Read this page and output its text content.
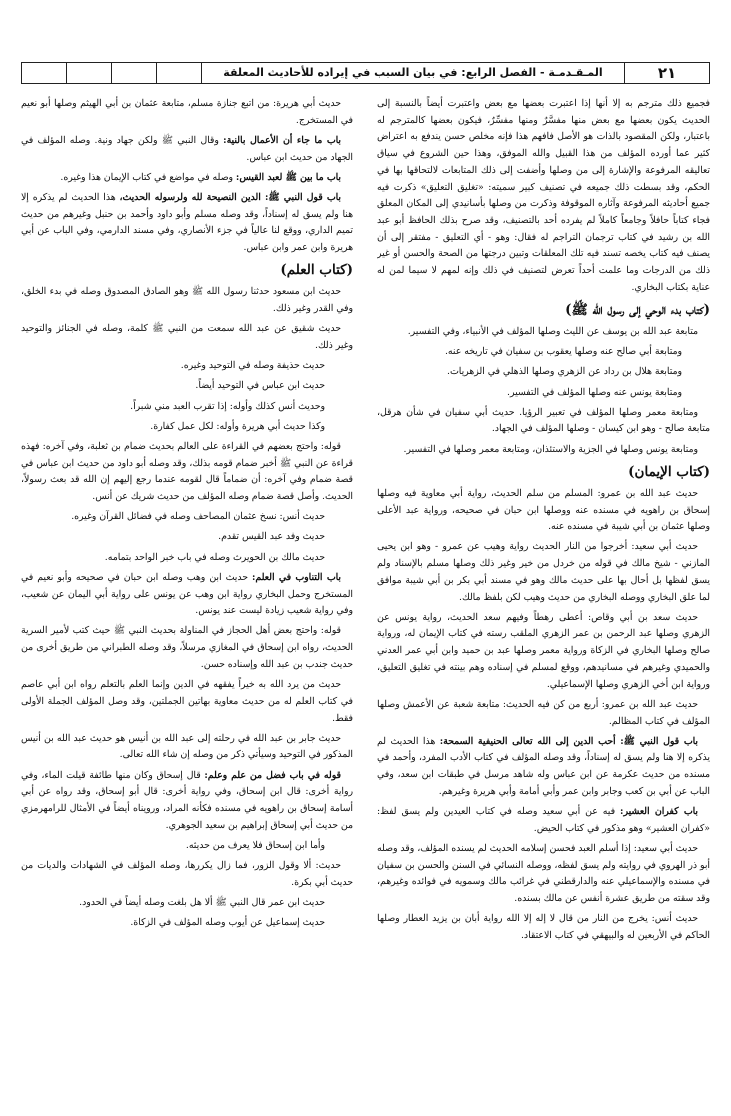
٢١
المـقـدمـة - الفصل الرابع: في بيان السبب في إيراده للأحاديث المعلقة

فجميع ذلك مترجم به إلا أنها إذا اعتبرت بعضها مع بعض واعتبرت أيضاً بالنسبة إلى الحديث يكون بعضها مع بعض منها مفسَّرٌ ومنها مفسِّرٌ، فيكون بعضها كالمترجم له باعتبار، ولكن المقصود بالذات هو الأصل فافهم هذا فإنه مخلص حسن يندفع به اعتراض كثير عما أورده المؤلف من هذا القبيل والله الموفق، وهذا حين الشروع في سياق تعاليقه المرفوعة والإشارة إلى من وصلها وأضفت إلى ذلك المتابعات لالتحاقها بها في الحكم، وقد بسطت ذلك جميعه في تصنيف كبير سميته: «تغليق التعليق» ذكرت فيه جميع أحاديثه المرفوعة وآثاره الموقوفة وذكرت من وصلها بأسانيدي إلى المكان المعلق فجاء كتاباً حافلاً وجامعاً كاملاً لم يفرده أحد بالتصنيف، وقد صرح بذلك الحافظ أبو عبد الله بن رشيد في كتاب ترجمان التراجم له فقال: وهو - أي التعليق - مفتقر إلى أن يصنف فيه كتاب يخصه تسند فيه تلك المعلقات وتبين درجتها من الصحة والحسن أو غير ذلك من الدرجات وما علمت أحداً تعرض لتصنيف في ذلك وإنه لمهم لا سيما لمن له عناية بكتاب البخاري.

(كتاب بدء الوحي إلى رسول الله ﷺ)

متابعة عبد الله بن يوسف عن الليث وصلها المؤلف في الأنبياء، وفي التفسير.

ومتابعة أبي صالح عنه وصلها يعقوب بن سفيان في تاريخه عنه.

ومتابعة هلال بن رداد عن الزهري وصلها الذهلي في الزهريات.

ومتابعة يونس عنه وصلها المؤلف في التفسير.

ومتابعة معمر وصلها المؤلف في تعبير الرؤيا. حديث أبي سفيان في شأن هرقل، متابعة صالح - وهو ابن كيسان - وصلها المؤلف في الجهاد.

ومتابعة يونس وصلها في الجزية والاستئذان، ومتابعة معمر وصلها في التفسير.

(كتاب الإيمان)

حديث عبد الله بن عمرو: المسلم من سلم الحديث، رواية أبي معاوية فيه وصلها إسحاق بن راهويه في مسنده عنه ووصلها ابن حبان في صحيحه، ورواية عبد الأعلى وصلها عثمان بن أبي شيبة في مسنده عنه.

حديث أبي سعيد: أخرجوا من النار الحديث رواية وهيب عن عمرو - وهو ابن يحيى المازني - شيخ مالك في قوله من خردل من خير وغير ذلك وصلها مسلم بالإسناد ولم يسق لفظها بل أحال بها على حديث مالك وهو في مسند أبي بكر بن أبي شيبة موافق لما علق البخاري ووصله البخاري من حديث وهيب لكن بلفظ مالك.

حديث سعد بن أبي وقاص: أعطى رهطاً وفيهم سعد الحديث، رواية يونس عن الزهري وصلها عبد الرحمن بن عمر الزهري الملقب رسته في كتاب الإيمان له، ورواية صالح وصلها البخاري في الزكاة ورواية معمر وصلها عبد بن حميد وابن أبي عمر العدني والحميدي وغيرهم في مسانيدهم، ووقع لمسلم في إسناده وهم بينته في تغليق التعليق، ورواية ابن أخي الزهري وصلها الإسماعيلي.

حديث عبد الله بن عمرو: أربع من كن فيه الحديث: متابعة شعبة عن الأعمش وصلها المؤلف في كتاب المظالم.

باب قول النبي ﷺ: أحب الدين إلى الله تعالى الحنيفية السمحة: هذا الحديث لم يذكره إلا هنا ولم يسق له إسناداً، وقد وصله المؤلف في كتاب الأدب المفرد، وأحمد في مسنده من حديث عكرمة عن ابن عباس وله شاهد مرسل في طبقات ابن سعد، وفي الباب عن أبي بن كعب وجابر وابن عمر وأبي أمامة وأبي هريرة وغيرهم.

باب كفران العشير: فيه عن أبي سعيد وصله في كتاب العيدين ولم يسق لفظ: «كفران العشير» وهو مذكور في كتاب الحيض.

حديث أبي سعيد: إذا أسلم العبد فحسن إسلامه الحديث لم يسنده المؤلف، وقد وصله أبو ذر الهروي في روايته ولم يسق لفظه، ووصله النسائي في السنن والحسن بن سفيان في مسنده والإسماعيلي عنه والدارقطني في غرائب مالك وسمويه في فوائده وغيرهم، وقد سقته من طريق عشرة أنفس عن مالك بسنده.

حديث أنس: يخرج من النار من قال لا إله إلا الله رواية أبان بن يزيد العطار وصلها الحاكم في الأربعين له والبيهقي في كتاب الاعتقاد.

حديث أبي هريرة: من اتبع جنازة مسلم، متابعة عثمان بن أبي الهيثم وصلها أبو نعيم في المستخرج.

باب ما جاء أن الأعمال بالنية: وقال النبي ﷺ ولكن جهاد ونية. وصله المؤلف في الجهاد من حديث ابن عباس.

باب ما بين ﷺ لعبد القيس: وصله في مواضع في كتاب الإيمان هذا وغيره.

باب قول النبي ﷺ: الدين النصيحة لله ولرسوله الحديث، هذا الحديث لم يذكره إلا هنا ولم يسق له إسناداً، وقد وصله مسلم وأبو داود وأحمد بن حنبل وغيرهم من حديث تميم الداري، ووقع لنا عالياً في جزء الأنصاري، وفي مسند الدارمي، وفي الباب عن أبي هريرة وابن عمر وابن عباس.

(كتاب العلم)

حديث ابن مسعود حدثنا رسول الله ﷺ وهو الصادق المصدوق وصله في بدء الخلق، وفي القدر وغير ذلك.

حديث شقيق عن عبد الله سمعت من النبي ﷺ كلمة، وصله في الجنائز والتوحيد وغير ذلك.

حديث حذيفة وصله في التوحيد وغيره.

حديث ابن عباس في التوحيد أيضاً.

وحديث أنس كذلك وأوله: إذا تقرب العبد مني شبراً.

وكذا حديث أبي هريرة وأوله: لكل عمل كفارة.

قوله: واحتج بعضهم في القراءة على العالم بحديث ضمام بن ثعلبة، وفي آخره: فهذه قراءة عن النبي ﷺ أخبر ضمام قومه بذلك، وقد وصله أبو داود من حديث ابن عباس في قصة ضمام وفي آخره: أن ضماماً قال لقومه عندما رجع إليهم إن الله قد بعث رسولاً، الحديث. وأصل قصة ضمام وصله المؤلف من حديث شريك عن أنس.

حديث أنس: نسخ عثمان المصاحف وصله في فضائل القرآن وغيره.

حديث وفد عبد القيس تقدم.

حديث مالك بن الحويرث وصله في باب خبر الواحد بتمامه.

باب التناوب في العلم: حديث ابن وهب وصله ابن حبان في صحيحه وأبو نعيم في المستخرج وحمل البخاري رواية ابن وهب عن يونس على رواية أبي اليمان عن شعيب، وفي رواية شعيب زيادة ليست عند يونس.

قوله: واحتج بعض أهل الحجاز في المناولة بحديث النبي ﷺ حيث كتب لأمير السرية الحديث، رواه ابن إسحاق في المغازي مرسلاً، وقد وصله الطبراني من طريق أخرى من حديث جندب بن عبد الله وإسناده حسن.

حديث من يرد الله به خيراً يفقهه في الدين وإنما العلم بالتعلم رواه ابن أبي عاصم في كتاب العلم له من حديث معاوية بهاتين الجملتين، وقد وصل المؤلف الجملة الأولى فقط.

حديث جابر بن عبد الله في رحلته إلى عبد الله بن أنيس هو حديث عبد الله بن أنيس المذكور في التوحيد وسيأتي ذكر من وصله إن شاء الله تعالى.

قوله في باب فضل من علم وعلم: قال إسحاق وكان منها طائفة قيلت الماء، وفي رواية أخرى: قال ابن إسحاق، وفي رواية أخرى: قال أبو إسحاق، وقد رواه عن أبي أسامة إسحاق بن راهويه في مسنده فكأنه المراد، ورويناه أيضاً في الأمثال للرامهرمزي من حديث أبي إسحاق إبراهيم بن سعيد الجوهري.

وأما ابن إسحاق فلا يعرف من حديثه.

حديث: ألا وقول الزور، فما زال يكررها، وصله المؤلف في الشهادات والديات من حديث أبي بكرة.

حديث ابن عمر قال النبي ﷺ ألا هل بلغت وصله أيضاً في الحدود.

حديث إسماعيل عن أيوب وصله المؤلف في الزكاة.
